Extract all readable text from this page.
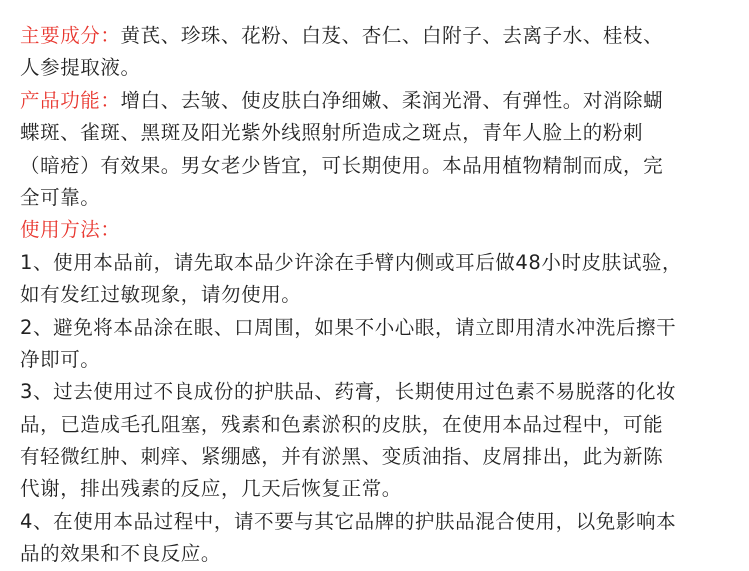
主要成分：黄芪、珍珠、花粉、白芨、杏仁、白附子、去离子水、桂枝、
人参提取液。
产品功能：增白、去皱、使皮肤白净细嫩、柔润光滑、有弹性。对消除蝴
蝶斑、雀斑、黑斑及阳光紫外线照射所造成之斑点，青年人脸上的粉刺
（暗疮）有效果。男女老少皆宜，可长期使用。本品用植物精制而成，完
全可靠。
使用方法：
1、使用本品前，请先取本品少许涂在手臂内侧或耳后做48小时皮肤试验，
如有发红过敏现象，请勿使用。
2、避免将本品涂在眼、口周围，如果不小心眼，请立即用清水冲洗后擦干
净即可。
3、过去使用过不良成份的护肤品、药膏，长期使用过色素不易脱落的化妆
品，已造成毛孔阻塞，残素和色素淤积的皮肤，在使用本品过程中，可能
有轻微红肿、刺痒、紧绷感，并有淤黑、变质油指、皮屑排出，此为新陈
代谢，排出残素的反应，几天后恢复正常。
4、在使用本品过程中，请不要与其它品牌的护肤品混合使用，以免影响本
品的效果和不良反应。
